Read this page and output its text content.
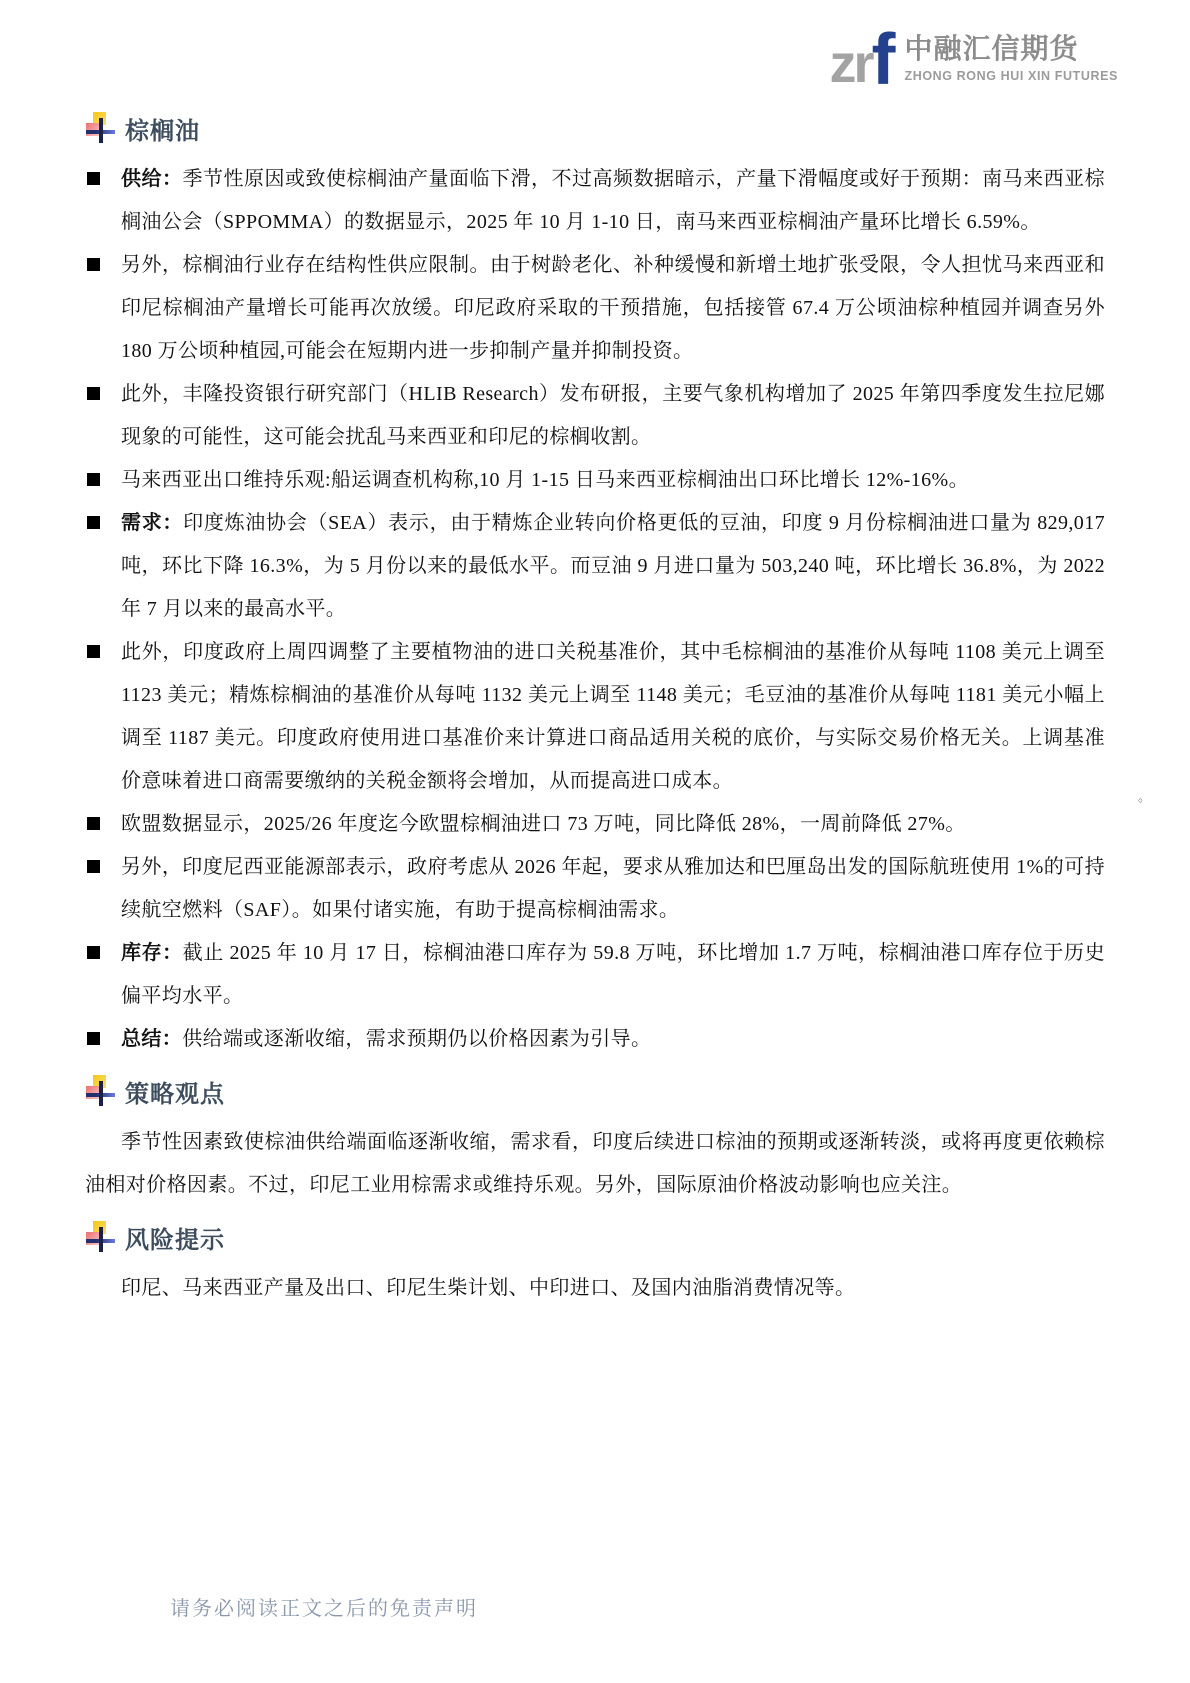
zrf 中融汇信期货
ZHONG RONG HUI XIN FUTURES
棕榈油
供给：季节性原因或致使棕榈油产量面临下滑，不过高频数据暗示，产量下滑幅度或好于预期：南马来西亚棕榈油公会（SPPOMMA）的数据显示，2025 年 10 月 1-10 日，南马来西亚棕榈油产量环比增长 6.59%。
另外，棕榈油行业存在结构性供应限制。由于树龄老化、补种缓慢和新增土地扩张受限，令人担忧马来西亚和印尼棕榈油产量增长可能再次放缓。印尼政府采取的干预措施，包括接管 67.4 万公顷油棕种植园并调查另外 180 万公顷种植园,可能会在短期内进一步抑制产量并抑制投资。
此外，丰隆投资银行研究部门（HLIB Research）发布研报，主要气象机构增加了 2025 年第四季度发生拉尼娜现象的可能性，这可能会扰乱马来西亚和印尼的棕榈收割。
马来西亚出口维持乐观:船运调查机构称,10 月 1-15 日马来西亚棕榈油出口环比增长 12%-16%。
需求：印度炼油协会（SEA）表示，由于精炼企业转向价格更低的豆油，印度 9 月份棕榈油进口量为 829,017 吨，环比下降 16.3%，为 5 月份以来的最低水平。而豆油 9 月进口量为 503,240 吨，环比增长 36.8%，为 2022 年 7 月以来的最高水平。
此外，印度政府上周四调整了主要植物油的进口关税基准价，其中毛棕榈油的基准价从每吨 1108 美元上调至 1123 美元；精炼棕榈油的基准价从每吨 1132 美元上调至 1148 美元；毛豆油的基准价从每吨 1181 美元小幅上调至 1187 美元。印度政府使用进口基准价来计算进口商品适用关税的底价，与实际交易价格无关。上调基准价意味着进口商需要缴纳的关税金额将会增加，从而提高进口成本。
欧盟数据显示，2025/26 年度迄今欧盟棕榈油进口 73 万吨，同比降低 28%，一周前降低 27%。
另外，印度尼西亚能源部表示，政府考虑从 2026 年起，要求从雅加达和巴厘岛出发的国际航班使用 1%的可持续航空燃料（SAF）。如果付诸实施，有助于提高棕榈油需求。
库存：截止 2025 年 10 月 17 日，棕榈油港口库存为 59.8 万吨，环比增加 1.7 万吨，棕榈油港口库存位于历史偏平均水平。
总结：供给端或逐渐收缩，需求预期仍以价格因素为引导。
策略观点

季节性因素致使棕油供给端面临逐渐收缩，需求看，印度后续进口棕油的预期或逐渐转淡，或将再度更依赖棕油相对价格因素。不过，印尼工业用棕需求或维持乐观。另外，国际原油价格波动影响也应关注。

风险提示

印尼、马来西亚产量及出口、印尼生柴计划、中印进口、及国内油脂消费情况等。

。
请务必阅读正文之后的免责声明
